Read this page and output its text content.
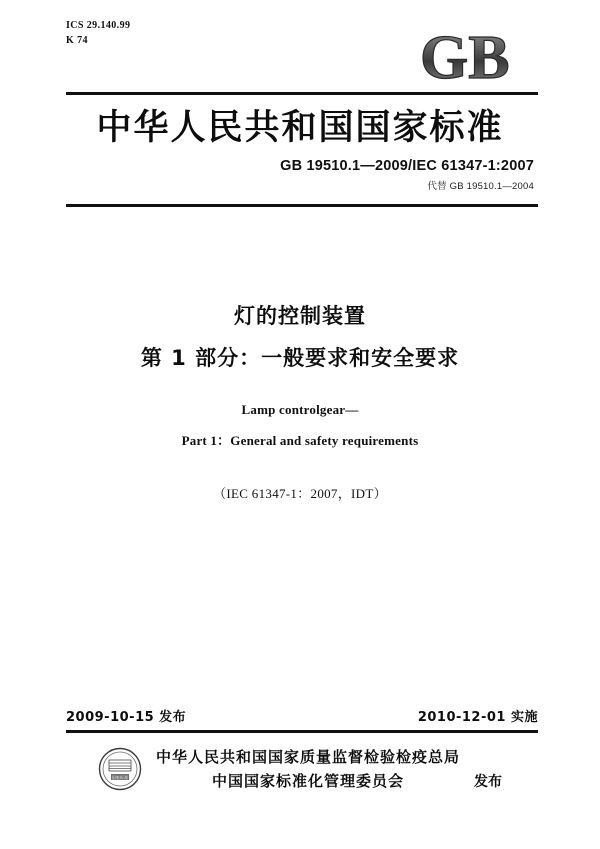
ICS 29.140.99
K 74	GB
中华人民共和国国家标准
GB 19510.1—2009/IEC 61347-1:2007
代替 GB 19510.1—2004
灯的控制装置
第 1 部分：一般要求和安全要求
Lamp controlgear—
Part 1：General and safety requirements
（IEC 61347-1：2007，IDT）
2009-10-15 发布	2010-12-01 实施
国家标准
中华人民共和国国家质量监督检验检疫总局
中国国家标准化管理委员会	发布
